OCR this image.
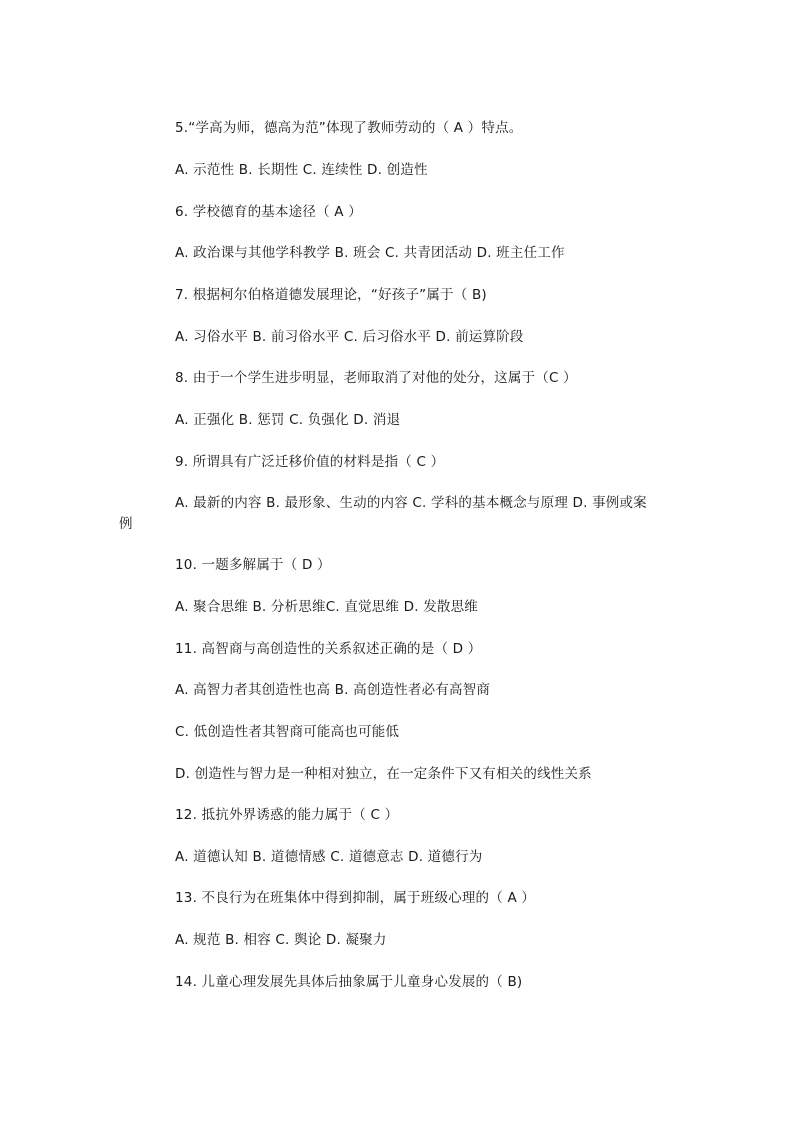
5.“学高为师，德高为范”体现了教师劳动的（ A ）特点。
A. 示范性 B. 长期性 C. 连续性 D. 创造性
6. 学校德育的基本途径（ A ）
A. 政治课与其他学科教学 B. 班会 C. 共青团活动 D. 班主任工作
7. 根据柯尔伯格道德发展理论，“好孩子”属于（ B)
A. 习俗水平 B. 前习俗水平 C. 后习俗水平 D. 前运算阶段
8. 由于一个学生进步明显，老师取消了对他的处分，这属于（C ）
A. 正强化 B. 惩罚 C. 负强化 D. 消退
9. 所谓具有广泛迁移价值的材料是指（ C ）
A. 最新的内容 B. 最形象、生动的内容 C. 学科的基本概念与原理 D. 事例或案
例
10. 一题多解属于（ D ）
A. 聚合思维 B. 分析思维C. 直觉思维 D. 发散思维
11. 高智商与高创造性的关系叙述正确的是（ D ）
A. 高智力者其创造性也高 B. 高创造性者必有高智商
C. 低创造性者其智商可能高也可能低
D. 创造性与智力是一种相对独立，在一定条件下又有相关的线性关系
12. 抵抗外界诱惑的能力属于（ C ）
A. 道德认知 B. 道德情感 C. 道德意志 D. 道德行为
13. 不良行为在班集体中得到抑制，属于班级心理的（ A ）
A. 规范 B. 相容 C. 舆论 D. 凝聚力
14. 儿童心理发展先具体后抽象属于儿童身心发展的（ B)
